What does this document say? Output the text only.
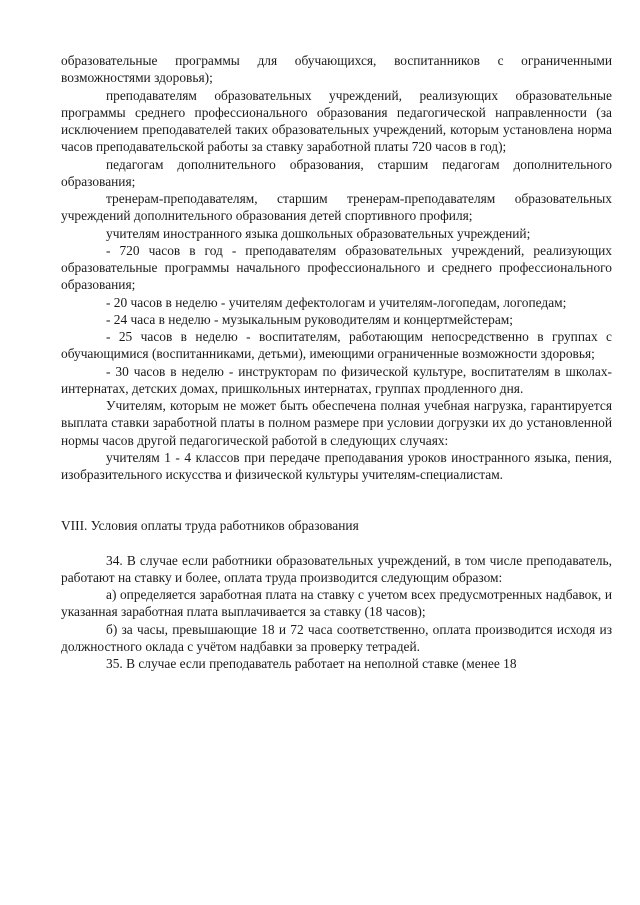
образовательные программы для обучающихся, воспитанников с ограниченными возможностями здоровья);

преподавателям образовательных учреждений, реализующих образовательные программы среднего профессионального образования педагогической направленности (за исключением преподавателей таких образовательных учреждений, которым установлена норма часов преподавательской работы за ставку заработной платы 720 часов в год);

педагогам дополнительного образования, старшим педагогам дополнительного образования;

тренерам-преподавателям, старшим тренерам-преподавателям образовательных учреждений дополнительного образования детей спортивного профиля;

учителям иностранного языка дошкольных образовательных учреждений;

- 720 часов в год - преподавателям образовательных учреждений, реализующих образовательные программы начального профессионального и среднего профессионального образования;

- 20 часов в неделю - учителям дефектологам и учителям-логопедам, логопедам;

- 24 часа в неделю - музыкальным руководителям и концертмейстерам;

- 25 часов в неделю - воспитателям, работающим непосредственно в группах с обучающимися (воспитанниками, детьми), имеющими ограниченные возможности здоровья;

- 30 часов в неделю - инструкторам по физической культуре, воспитателям в школах-интернатах, детских домах, пришкольных интернатах, группах продленного дня.

Учителям, которым не может быть обеспечена полная учебная нагрузка, гарантируется выплата ставки заработной платы в полном размере при условии догрузки их до установленной нормы часов другой педагогической работой в следующих случаях:

учителям 1 - 4 классов при передаче преподавания уроков иностранного языка, пения, изобразительного искусства и физической культуры учителям-специалистам.

VIII. Условия оплаты труда работников образования

34. В случае если работники образовательных учреждений, в том числе преподаватель, работают на ставку и более, оплата труда производится следующим образом:

а) определяется заработная плата на ставку с учетом всех предусмотренных надбавок, и указанная заработная плата выплачивается за ставку (18 часов);

б) за часы, превышающие 18 и 72 часа соответственно, оплата производится исходя из должностного оклада с учётом надбавки за проверку тетрадей.

35. В случае если преподаватель работает на неполной ставке (менее 18
